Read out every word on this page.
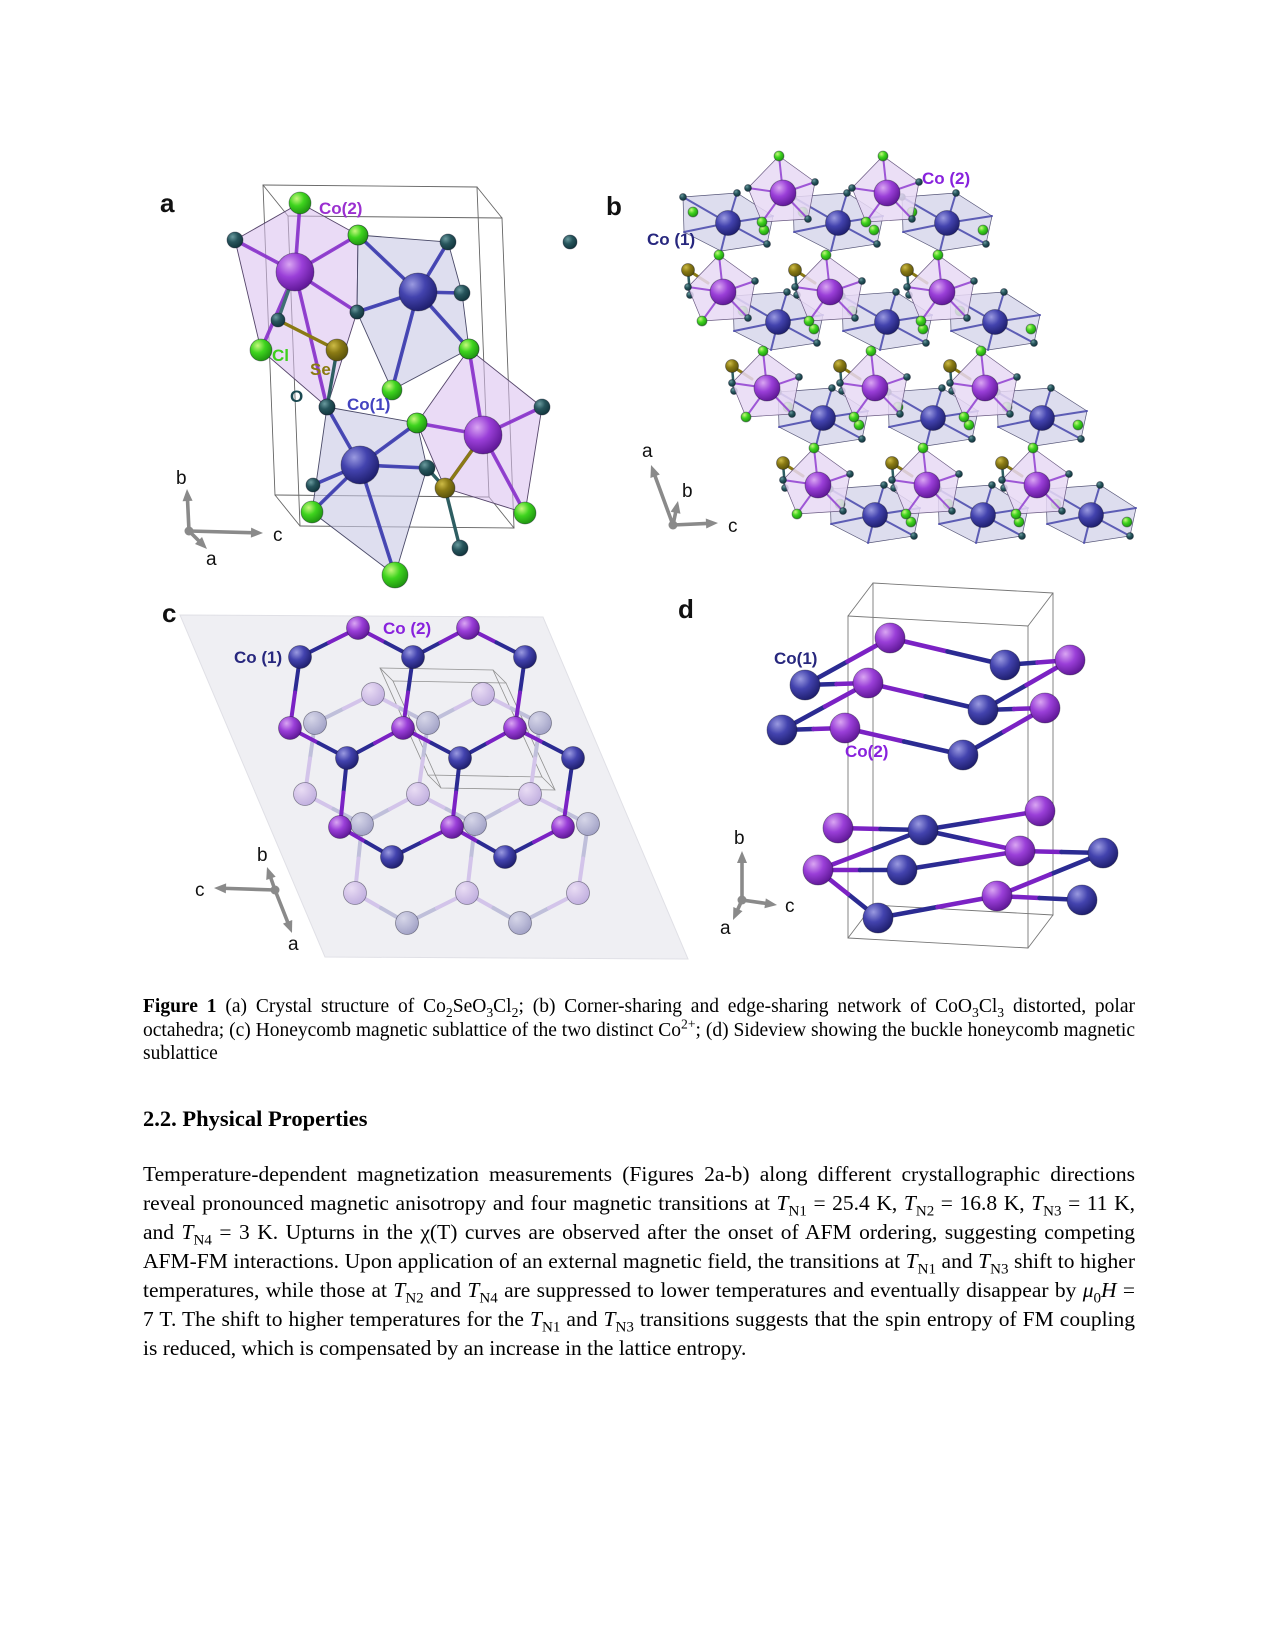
a	Co(2)
Cl
Se
O	Co(1)
b
c
a
b
Co (1)
Co (2)
a
b
c
c
Co (1)
Co (2)
b
c
a
d
Co(1)
Co(2)
b
c
a
Figure 1 (a) Crystal structure of $Co_2SeO_3Cl_2$; (b) Corner-sharing and edge-sharing network of $CoO_3Cl_3$ distorted, polar octahedra; (c) Honeycomb magnetic sublattice of the two distinct $Co^{2+}$; (d) Sideview showing the buckle honeycomb magnetic sublattice
2.2. Physical Properties

Temperature-dependent magnetization measurements (Figures 2a-b) along different crystallographic directions reveal pronounced magnetic anisotropy and four magnetic transitions at $T_{N1} = 25.4$ K, $T_{N2} = 16.8$ K, $T_{N3} = 11$ K, and $T_{N4} = 3$ K. Upturns in the χ(T) curves are observed after the onset of AFM ordering, suggesting competing AFM-FM interactions. Upon application of an external magnetic field, the transitions at $T_{N1}$ and $T_{N3}$ shift to higher temperatures, while those at $T_{N2}$ and $T_{N4}$ are suppressed to lower temperatures and eventually disappear by $\mu_0H = 7$ T. The shift to higher temperatures for the $T_{N1}$ and $T_{N3}$ transitions suggests that the spin entropy of FM coupling is reduced, which is compensated by an increase in the lattice entropy.
